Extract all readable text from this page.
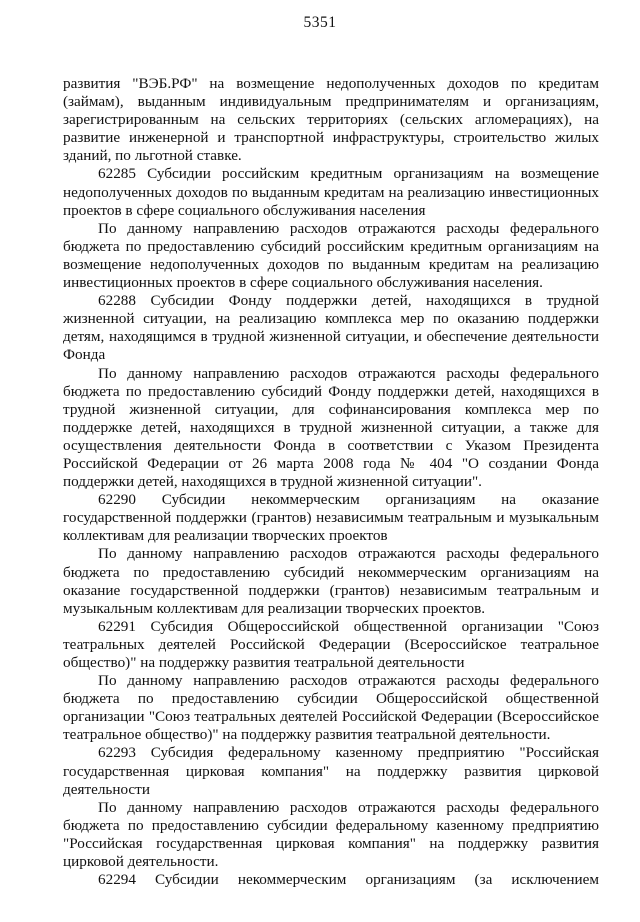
5351

развития "ВЭБ.РФ" на возмещение недополученных доходов по кредитам (займам), выданным индивидуальным предпринимателям и организациям, зарегистрированным на сельских территориях (сельских агломерациях), на развитие инженерной и транспортной инфраструктуры, строительство жилых зданий, по льготной ставке.

62285 Субсидии российским кредитным организациям на возмещение недополученных доходов по выданным кредитам на реализацию инвестиционных проектов в сфере социального обслуживания населения

По данному направлению расходов отражаются расходы федерального бюджета по предоставлению субсидий российским кредитным организациям на возмещение недополученных доходов по выданным кредитам на реализацию инвестиционных проектов в сфере социального обслуживания населения.

62288 Субсидии Фонду поддержки детей, находящихся в трудной жизненной ситуации, на реализацию комплекса мер по оказанию поддержки детям, находящимся в трудной жизненной ситуации, и обеспечение деятельности Фонда

По данному направлению расходов отражаются расходы федерального бюджета по предоставлению субсидий Фонду поддержки детей, находящихся в трудной жизненной ситуации, для софинансирования комплекса мер по поддержке детей, находящихся в трудной жизненной ситуации, а также для осуществления деятельности Фонда в соответствии с Указом Президента Российской Федерации от 26 марта 2008 года № 404 "О создании Фонда поддержки детей, находящихся в трудной жизненной ситуации".

62290 Субсидии некоммерческим организациям на оказание государственной поддержки (грантов) независимым театральным и музыкальным коллективам для реализации творческих проектов

По данному направлению расходов отражаются расходы федерального бюджета по предоставлению субсидий некоммерческим организациям на оказание государственной поддержки (грантов) независимым театральным и музыкальным коллективам для реализации творческих проектов.

62291 Субсидия Общероссийской общественной организации "Союз театральных деятелей Российской Федерации (Всероссийское театральное общество)" на поддержку развития театральной деятельности

По данному направлению расходов отражаются расходы федерального бюджета по предоставлению субсидии Общероссийской общественной организации "Союз театральных деятелей Российской Федерации (Всероссийское театральное общество)" на поддержку развития театральной деятельности.

62293 Субсидия федеральному казенному предприятию "Российская государственная цирковая компания" на поддержку развития цирковой деятельности

По данному направлению расходов отражаются расходы федерального бюджета по предоставлению субсидии федеральному казенному предприятию "Российская государственная цирковая компания" на поддержку развития цирковой деятельности.

62294 Субсидии некоммерческим организациям (за исключением
